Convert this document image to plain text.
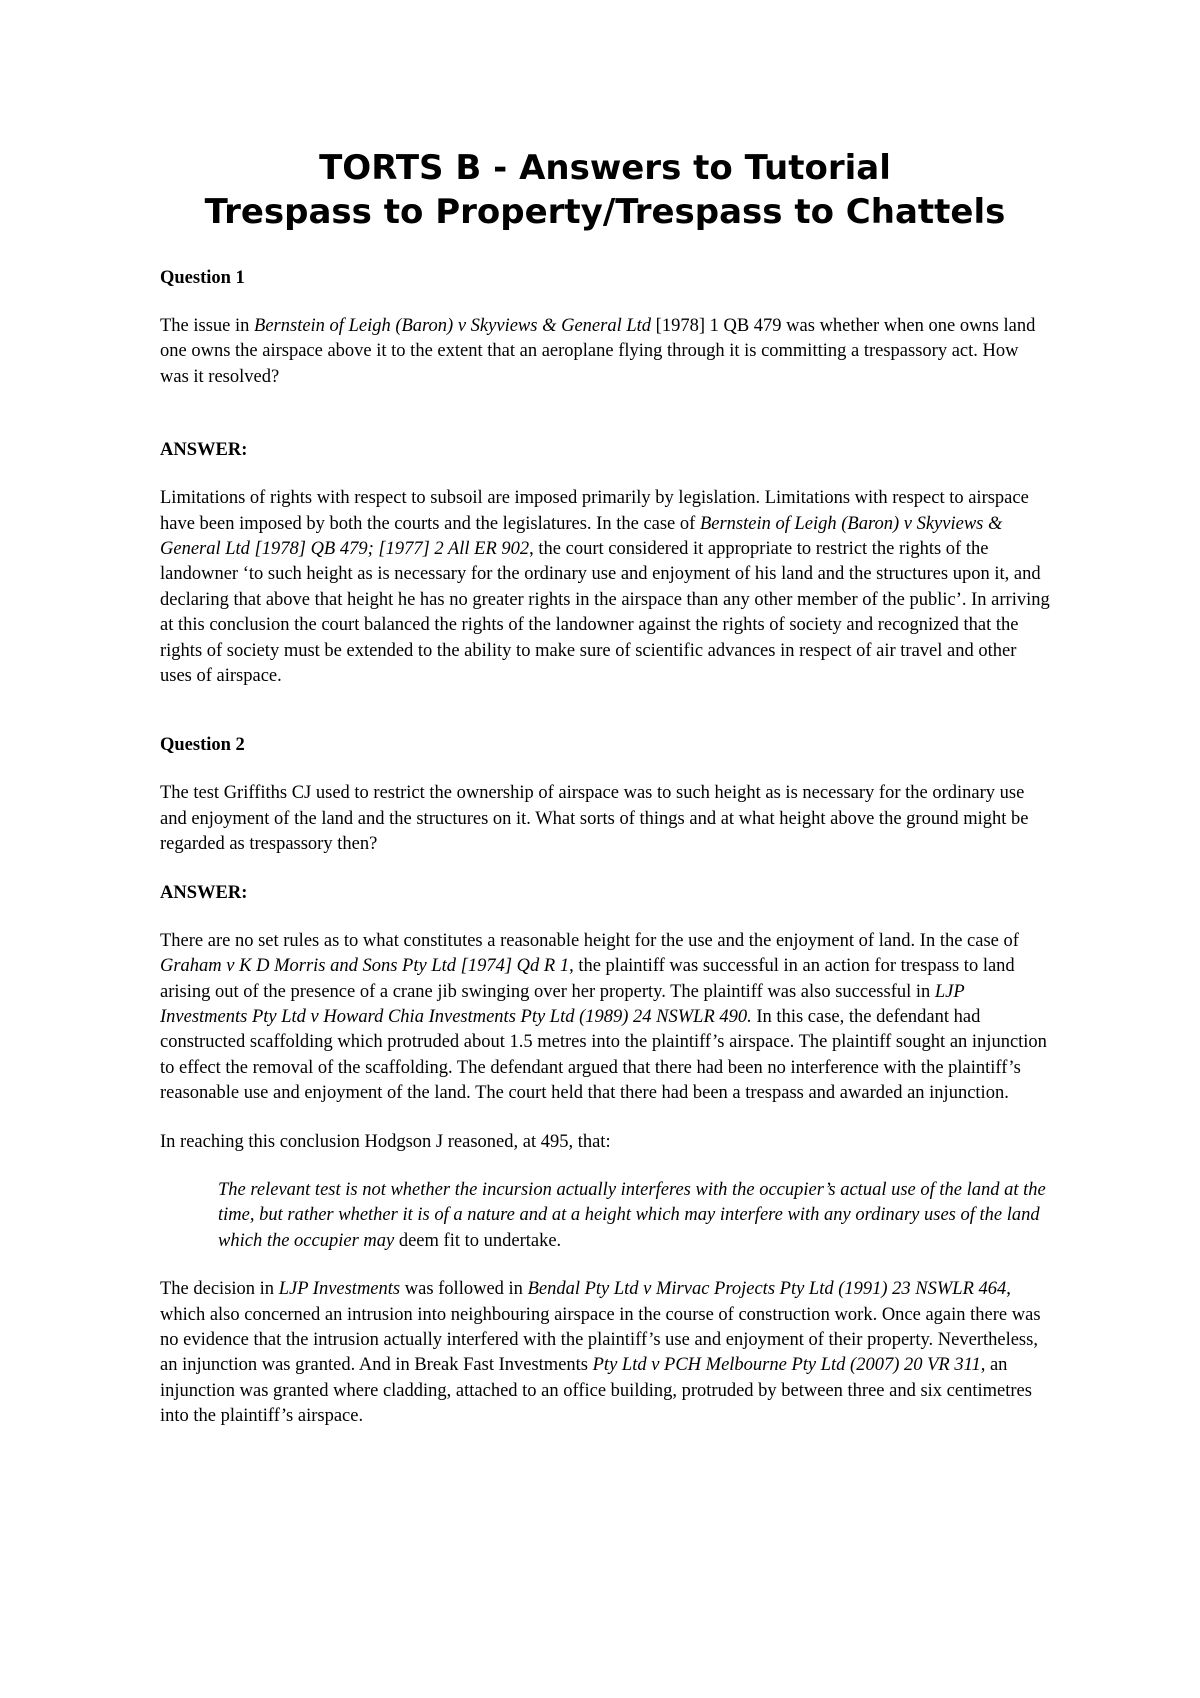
TORTS B - Answers to Tutorial
Trespass to Property/Trespass to Chattels

Question 1

The issue in Bernstein of Leigh (Baron) v Skyviews & General Ltd [1978] 1 QB 479 was whether when one owns land one owns the airspace above it to the extent that an aeroplane flying through it is committing a trespassory act. How was it resolved?

ANSWER:

Limitations of rights with respect to subsoil are imposed primarily by legislation. Limitations with respect to airspace have been imposed by both the courts and the legislatures. In the case of Bernstein of Leigh (Baron) v Skyviews & General Ltd [1978] QB 479; [1977] 2 All ER 902, the court considered it appropriate to restrict the rights of the landowner ‘to such height as is necessary for the ordinary use and enjoyment of his land and the structures upon it, and declaring that above that height he has no greater rights in the airspace than any other member of the public’. In arriving at this conclusion the court balanced the rights of the landowner against the rights of society and recognized that the rights of society must be extended to the ability to make sure of scientific advances in respect of air travel and other uses of airspace.

Question 2

The test Griffiths CJ used to restrict the ownership of airspace was to such height as is necessary for the ordinary use and enjoyment of the land and the structures on it. What sorts of things and at what height above the ground might be regarded as trespassory then?

ANSWER:

There are no set rules as to what constitutes a reasonable height for the use and the enjoyment of land. In the case of Graham v K D Morris and Sons Pty Ltd [1974] Qd R 1, the plaintiff was successful in an action for trespass to land arising out of the presence of a crane jib swinging over her property. The plaintiff was also successful in LJP Investments Pty Ltd v Howard Chia Investments Pty Ltd (1989) 24 NSWLR 490. In this case, the defendant had constructed scaffolding which protruded about 1.5 metres into the plaintiff’s airspace. The plaintiff sought an injunction to effect the removal of the scaffolding. The defendant argued that there had been no interference with the plaintiff’s reasonable use and enjoyment of the land. The court held that there had been a trespass and awarded an injunction.

In reaching this conclusion Hodgson J reasoned, at 495, that:

The relevant test is not whether the incursion actually interferes with the occupier’s actual use of the land at the time, but rather whether it is of a nature and at a height which may interfere with any ordinary uses of the land which the occupier may deem fit to undertake.

The decision in LJP Investments was followed in Bendal Pty Ltd v Mirvac Projects Pty Ltd (1991) 23 NSWLR 464, which also concerned an intrusion into neighbouring airspace in the course of construction work. Once again there was no evidence that the intrusion actually interfered with the plaintiff’s use and enjoyment of their property. Nevertheless, an injunction was granted. And in Break Fast Investments Pty Ltd v PCH Melbourne Pty Ltd (2007) 20 VR 311, an injunction was granted where cladding, attached to an office building, protruded by between three and six centimetres into the plaintiff’s airspace.
